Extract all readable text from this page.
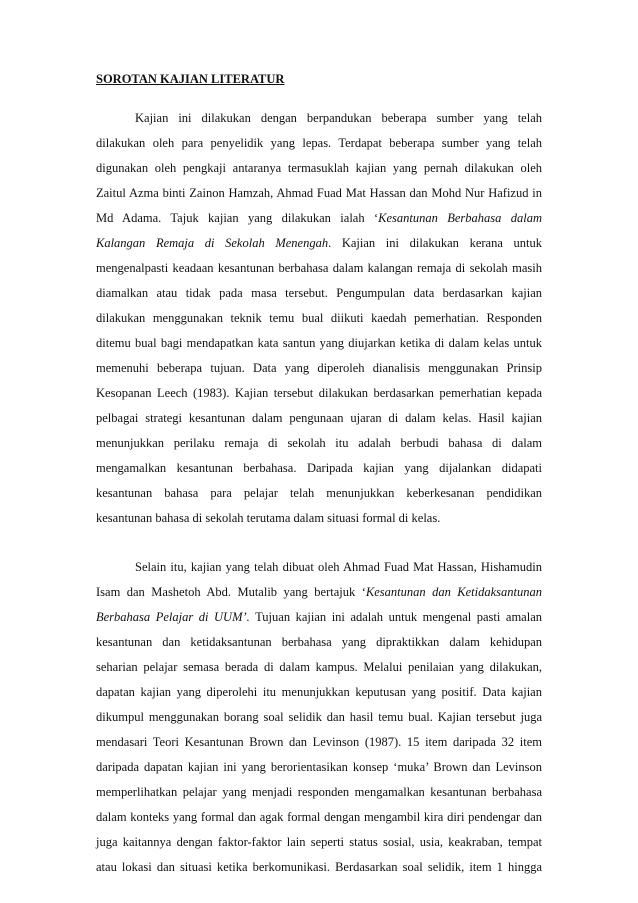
SOROTAN KAJIAN LITERATUR
Kajian ini dilakukan dengan berpandukan beberapa sumber yang telah
dilakukan oleh para penyelidik yang lepas. Terdapat beberapa sumber yang telah
digunakan oleh pengkaji antaranya termasuklah kajian yang pernah dilakukan oleh
Zaitul Azma binti Zainon Hamzah, Ahmad Fuad Mat Hassan dan Mohd Nur Hafizud in
Md Adama. Tajuk kajian yang dilakukan ialah ‘Kesantunan Berbahasa dalam
Kalangan Remaja di Sekolah Menengah. Kajian ini dilakukan kerana untuk
mengenalpasti keadaan kesantunan berbahasa dalam kalangan remaja di sekolah masih
diamalkan atau tidak pada masa tersebut. Pengumpulan data berdasarkan kajian
dilakukan menggunakan teknik temu bual diikuti kaedah pemerhatian. Responden
ditemu bual bagi mendapatkan kata santun yang diujarkan ketika di dalam kelas untuk
memenuhi beberapa tujuan. Data yang diperoleh dianalisis menggunakan Prinsip
Kesopanan Leech (1983). Kajian tersebut dilakukan berdasarkan pemerhatian kepada
pelbagai strategi kesantunan dalam pengunaan ujaran di dalam kelas. Hasil kajian
menunjukkan perilaku remaja di sekolah itu adalah berbudi bahasa di dalam
mengamalkan kesantunan berbahasa. Daripada kajian yang dijalankan didapati
kesantunan bahasa para pelajar telah menunjukkan keberkesanan pendidikan
kesantunan bahasa di sekolah terutama dalam situasi formal di kelas.
Selain itu, kajian yang telah dibuat oleh Ahmad Fuad Mat Hassan, Hishamudin
Isam dan Mashetoh Abd. Mutalib yang bertajuk ‘Kesantunan dan Ketidaksantunan
Berbahasa Pelajar di UUM’. Tujuan kajian ini adalah untuk mengenal pasti amalan
kesantunan dan ketidaksantunan berbahasa yang dipraktikkan dalam kehidupan
seharian pelajar semasa berada di dalam kampus. Melalui penilaian yang dilakukan,
dapatan kajian yang diperolehi itu menunjukkan keputusan yang positif. Data kajian
dikumpul menggunakan borang soal selidik dan hasil temu bual. Kajian tersebut juga
mendasari Teori Kesantunan Brown dan Levinson (1987). 15 item daripada 32 item
daripada dapatan kajian ini yang berorientasikan konsep ‘muka’ Brown dan Levinson
memperlihatkan pelajar yang menjadi responden mengamalkan kesantunan berbahasa
dalam konteks yang formal dan agak formal dengan mengambil kira diri pendengar dan
juga kaitannya dengan faktor-faktor lain seperti status sosial, usia, keakraban, tempat
atau lokasi dan situasi ketika berkomunikasi. Berdasarkan soal selidik, item 1 hingga
